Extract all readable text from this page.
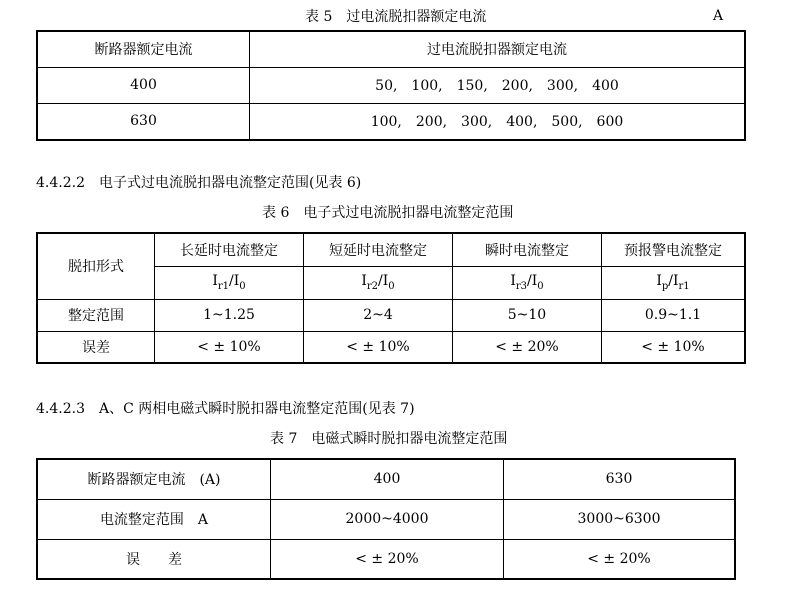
表 5　过电流脱扣器额定电流	A
断路器额定电流	过电流脱扣器额定电流
400	50,　100,　150,　200,　300,　400
630	100,　200,　300,　400,　500,　600
4.4.2.2　电子式过电流脱扣器电流整定范围(见表 6)
表 6　电子式过电流脱扣器电流整定范围
脱扣形式	长延时电流整定	短延时电流整定	瞬时电流整定	预报警电流整定
	$I_{r1}/I_0$	$I_{r2}/I_0$	$I_{r3}/I_0$	$I_p/I_{r1}$
整定范围	1~1.25	2~4	5~10	0.9~1.1
误差	< ± 10%	< ± 10%	< ± 20%	< ± 10%
4.4.2.3　A、C 两相电磁式瞬时脱扣器电流整定范围(见表 7)
表 7　电磁式瞬时脱扣器电流整定范围
断路器额定电流　(A)	400	630
电流整定范围　A	2000~4000	3000~6300
误　　差	< ± 20%	< ± 20%
